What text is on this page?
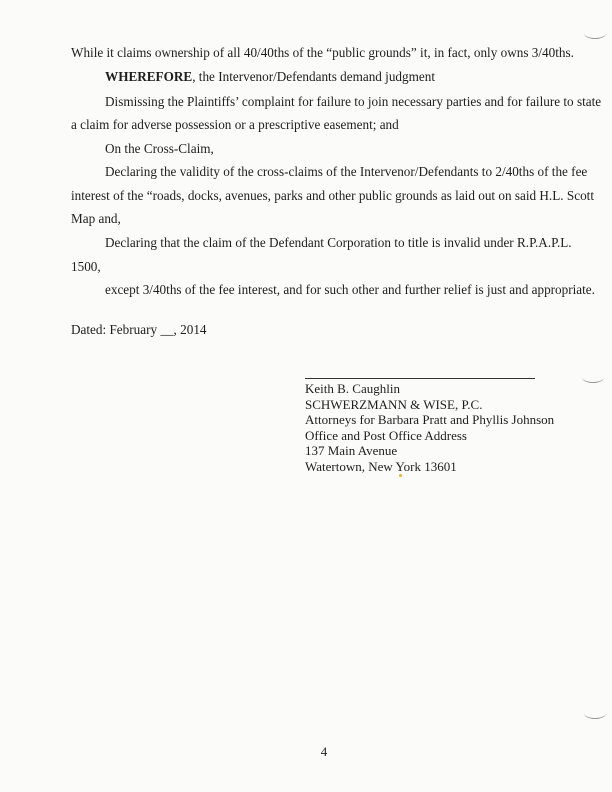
While it claims ownership of all 40/40ths of the “public grounds” it, in fact, only owns 3/40ths.
WHEREFORE, the Intervenor/Defendants demand judgment
Dismissing the Plaintiffs’ complaint for failure to join necessary parties and for failure to state
a claim for adverse possession or a prescriptive easement; and
On the Cross-Claim,
Declaring the validity of the cross-claims of the Intervenor/Defendants to 2/40ths of the fee
interest of the “roads, docks, avenues, parks and other public grounds as laid out on said H.L. Scott
Map and,
Declaring that the claim of the Defendant Corporation to title is invalid under R.P.A.P.L.
1500,
except 3/40ths of the fee interest, and for such other and further relief is just and appropriate.
Dated: February __, 2014
Keith B. Caughlin
SCHWERZMANN & WISE, P.C.
Attorneys for Barbara Pratt and Phyllis Johnson
Office and Post Office Address
137 Main Avenue
Watertown, New York 13601
4
